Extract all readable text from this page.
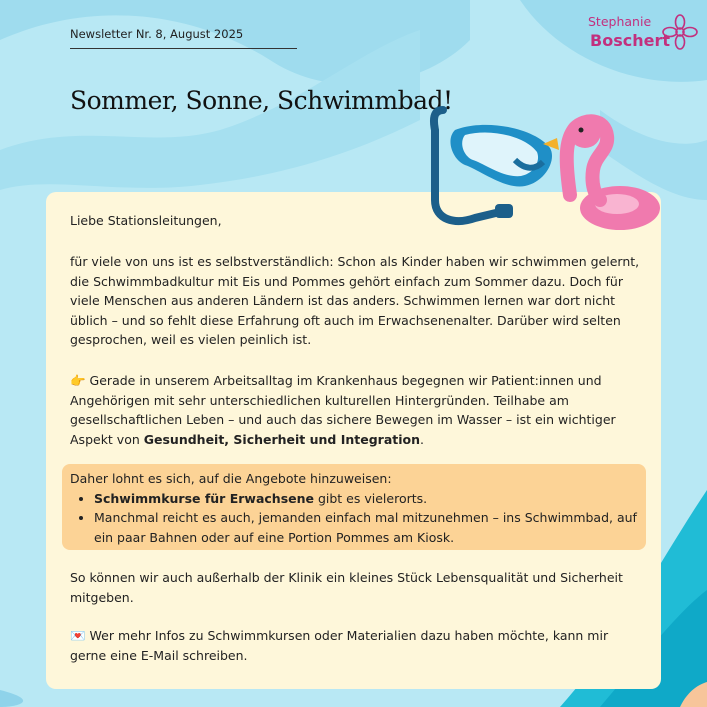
Newsletter Nr. 8, August 2025
Stephanie
Boschert
Sommer, Sonne, Schwimmbad!

Liebe Stationsleitungen,

für viele von uns ist es selbstverständlich: Schon als Kinder haben wir schwimmen gelernt, die Schwimmbadkultur mit Eis und Pommes gehört einfach zum Sommer dazu. Doch für viele Menschen aus anderen Ländern ist das anders. Schwimmen lernen war dort nicht üblich – und so fehlt diese Erfahrung oft auch im Erwachsenenalter. Darüber wird selten gesprochen, weil es vielen peinlich ist.

👉 Gerade in unserem Arbeitsalltag im Krankenhaus begegnen wir Patient:innen und Angehörigen mit sehr unterschiedlichen kulturellen Hintergründen. Teilhabe am gesellschaftlichen Leben – und auch das sichere Bewegen im Wasser – ist ein wichtiger Aspekt von Gesundheit, Sicherheit und Integration.

Daher lohnt es sich, auf die Angebote hinzuweisen:
• Schwimmkurse für Erwachsene gibt es vielerorts.
• Manchmal reicht es auch, jemanden einfach mal mitzunehmen – ins Schwimmbad, auf ein paar Bahnen oder auf eine Portion Pommes am Kiosk.

So können wir auch außerhalb der Klinik ein kleines Stück Lebensqualität und Sicherheit mitgeben.

💌 Wer mehr Infos zu Schwimmkursen oder Materialien dazu haben möchte, kann mir gerne eine E-Mail schreiben.
